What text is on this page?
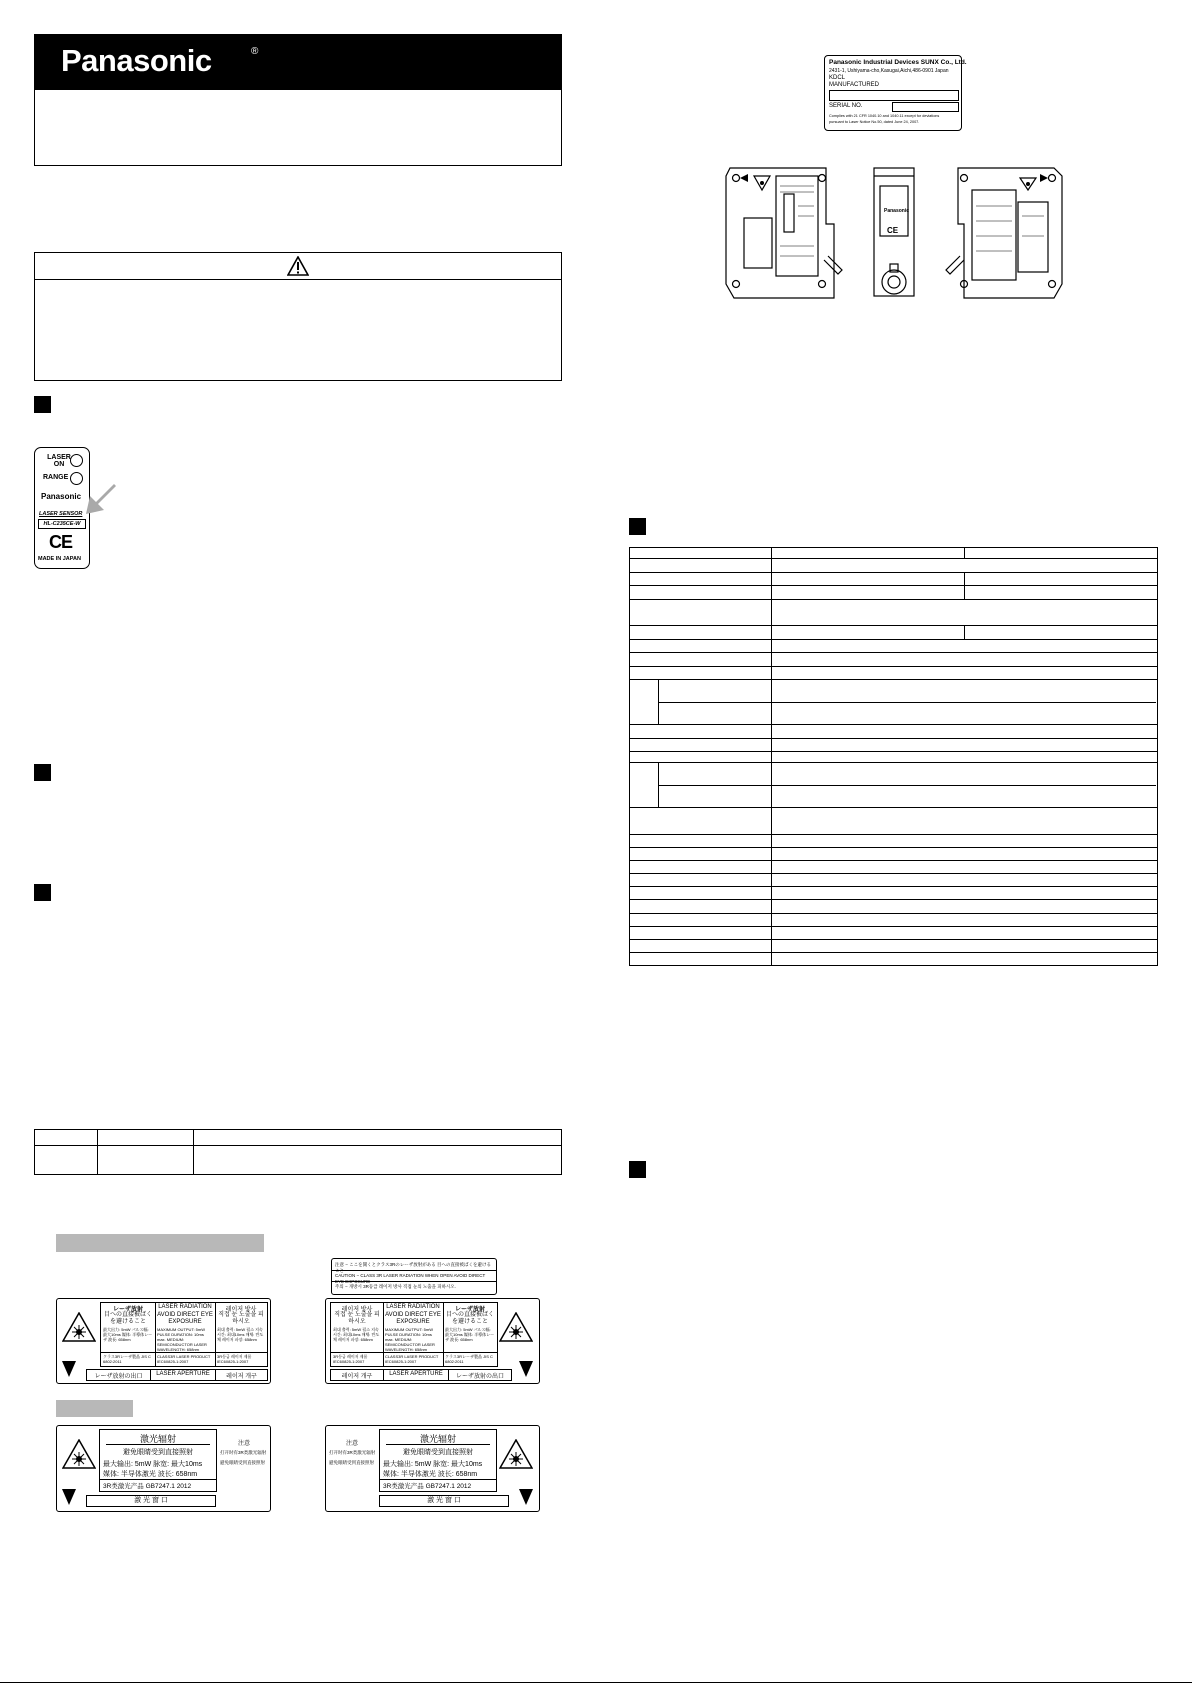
Panasonic	®
LASER ON
RANGE
Panasonic
LASER SENSOR
HL-C235CE-W
CE
MADE IN JAPAN
レーザ放射
目への直接被ばくを避けること
最大出力: 5mW パルス幅: 最大10ms 媒体: 半導体レーザ 波長: 658nm
クラス3Rレーザ製品 JIS C 6802:2011
LASER RADIATION
AVOID DIRECT EYE EXPOSURE
MAXIMUM OUTPUT: 5mW PULSE DURATION: 10ms max. MEDIUM: SEMICONDUCTOR LASER WAVELENGTH: 658nm
CLASS3R LASER PRODUCT IEC60825-1:2007
레이저 방사
직접 눈 노출을 피하시오
최대 출력: 5mW 펄스 지속시간: 최대10ms 매체: 반도체 레이저 파장: 658nm
3R등급 레이저 제품 IEC60825-1:2007
レーザ放射の出口	LASER APERTURE	레이저 개구
注意 − ここを開くとクラス3Rのレーザ放射がある 目への直接被ばくを避けること
CAUTION − CLASS 3R LASER RADIATION WHEN OPEN AVOID DIRECT EYE EXPOSURE
주의 − 개방시 3R등급 레이저 방사 직접 눈의 노출을 피하시오.
레이저 방사
직접 눈 노출을 피하시오
최대 출력: 5mW 펄스 지속시간: 최대10ms 매체: 반도체 레이저 파장: 658nm
3R등급 레이저 제품 IEC60825-1:2007
LASER RADIATION
AVOID DIRECT EYE EXPOSURE
MAXIMUM OUTPUT: 5mW PULSE DURATION: 10ms max. MEDIUM: SEMICONDUCTOR LASER WAVELENGTH: 658nm
CLASS3R LASER PRODUCT IEC60825-1:2007
レーザ放射
目への直接被ばくを避けること
最大出力: 5mW パルス幅: 最大10ms 媒体: 半導体レーザ 波長: 658nm
クラス3Rレーザ製品 JIS C 6802:2011
레이저 개구	LASER APERTURE	レーザ放射の出口
激光辐射
避免眼睛受到直接照射
最大输出: 5mW 脉宽: 最大10ms
媒体: 半导体激光 波长: 658nm
3R类激光产品 GB7247.1 2012
注意
打开时有3R类激光辐射
避免眼睛受到直接照射
激 光 窗 口
注意
打开时有3R类激光辐射
避免眼睛受到直接照射
激光辐射
避免眼睛受到直接照射
最大输出: 5mW 脉宽: 最大10ms
媒体: 半导体激光 波长: 658nm
3R类激光产品 GB7247.1 2012
激 光 窗 口
Panasonic Industrial Devices SUNX Co., Ltd.
2431-1, Ushiyama-cho,Kasugai,Aichi,486-0901 Japan
KDCL
MANUFACTURED
SERIAL NO.
Complies with 21 CFR 1040.10 and 1040.11 except for deviations
pursuant to Laser Notice No.50, dated June 24, 2007.
Panasonic
CE
